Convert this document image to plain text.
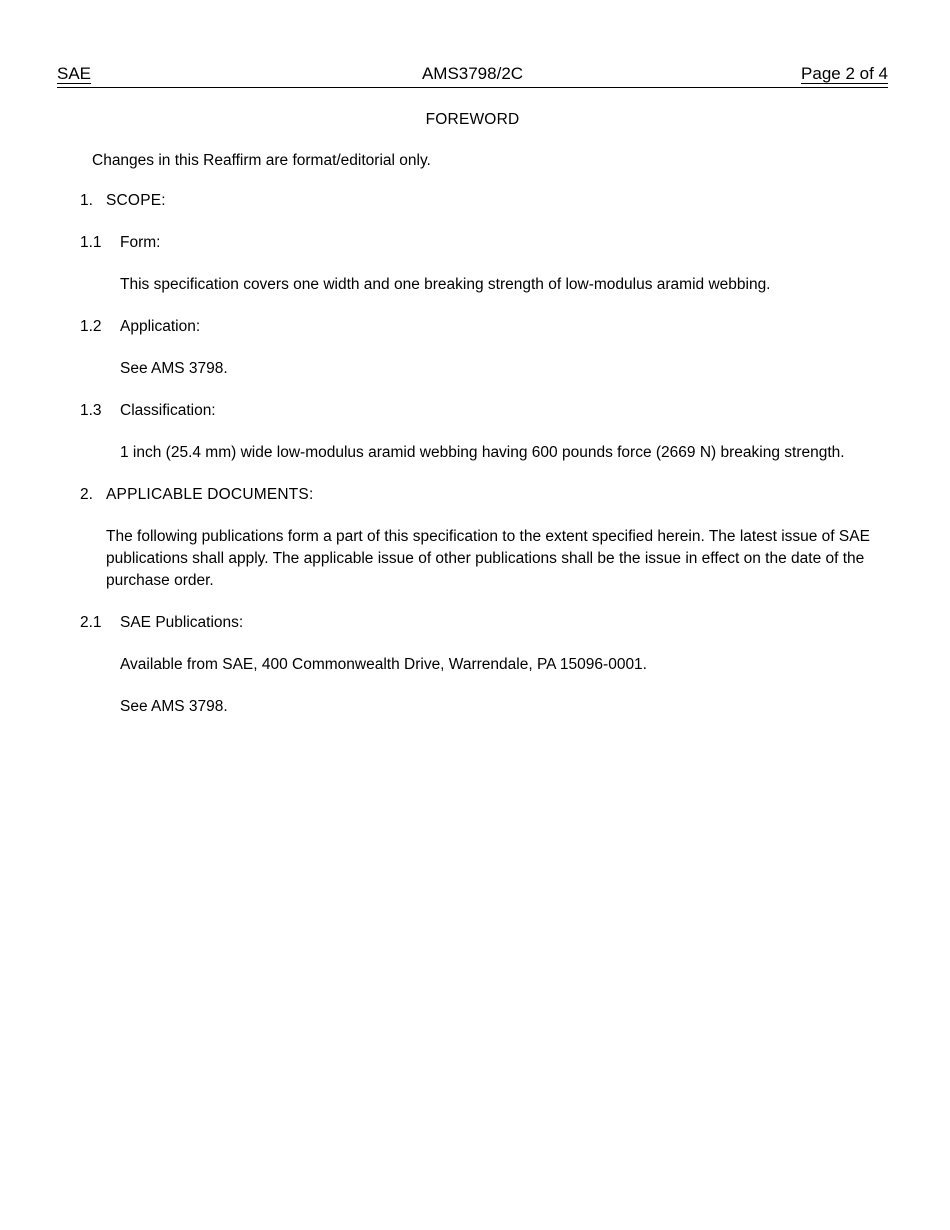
SAE	AMS3798/2C	Page 2 of 4
FOREWORD
Changes in this Reaffirm are format/editorial only.
1. SCOPE:
1.1	Form:
This specification covers one width and one breaking strength of low-modulus aramid webbing.
1.2	Application:
See AMS 3798.
1.3	Classification:
1 inch (25.4 mm) wide low-modulus aramid webbing having 600 pounds force (2669 N) breaking strength.
2. APPLICABLE DOCUMENTS:
The following publications form a part of this specification to the extent specified herein. The latest issue of SAE publications shall apply. The applicable issue of other publications shall be the issue in effect on the date of the purchase order.
2.1	SAE Publications:
Available from SAE, 400 Commonwealth Drive, Warrendale, PA 15096-0001.
See AMS 3798.
